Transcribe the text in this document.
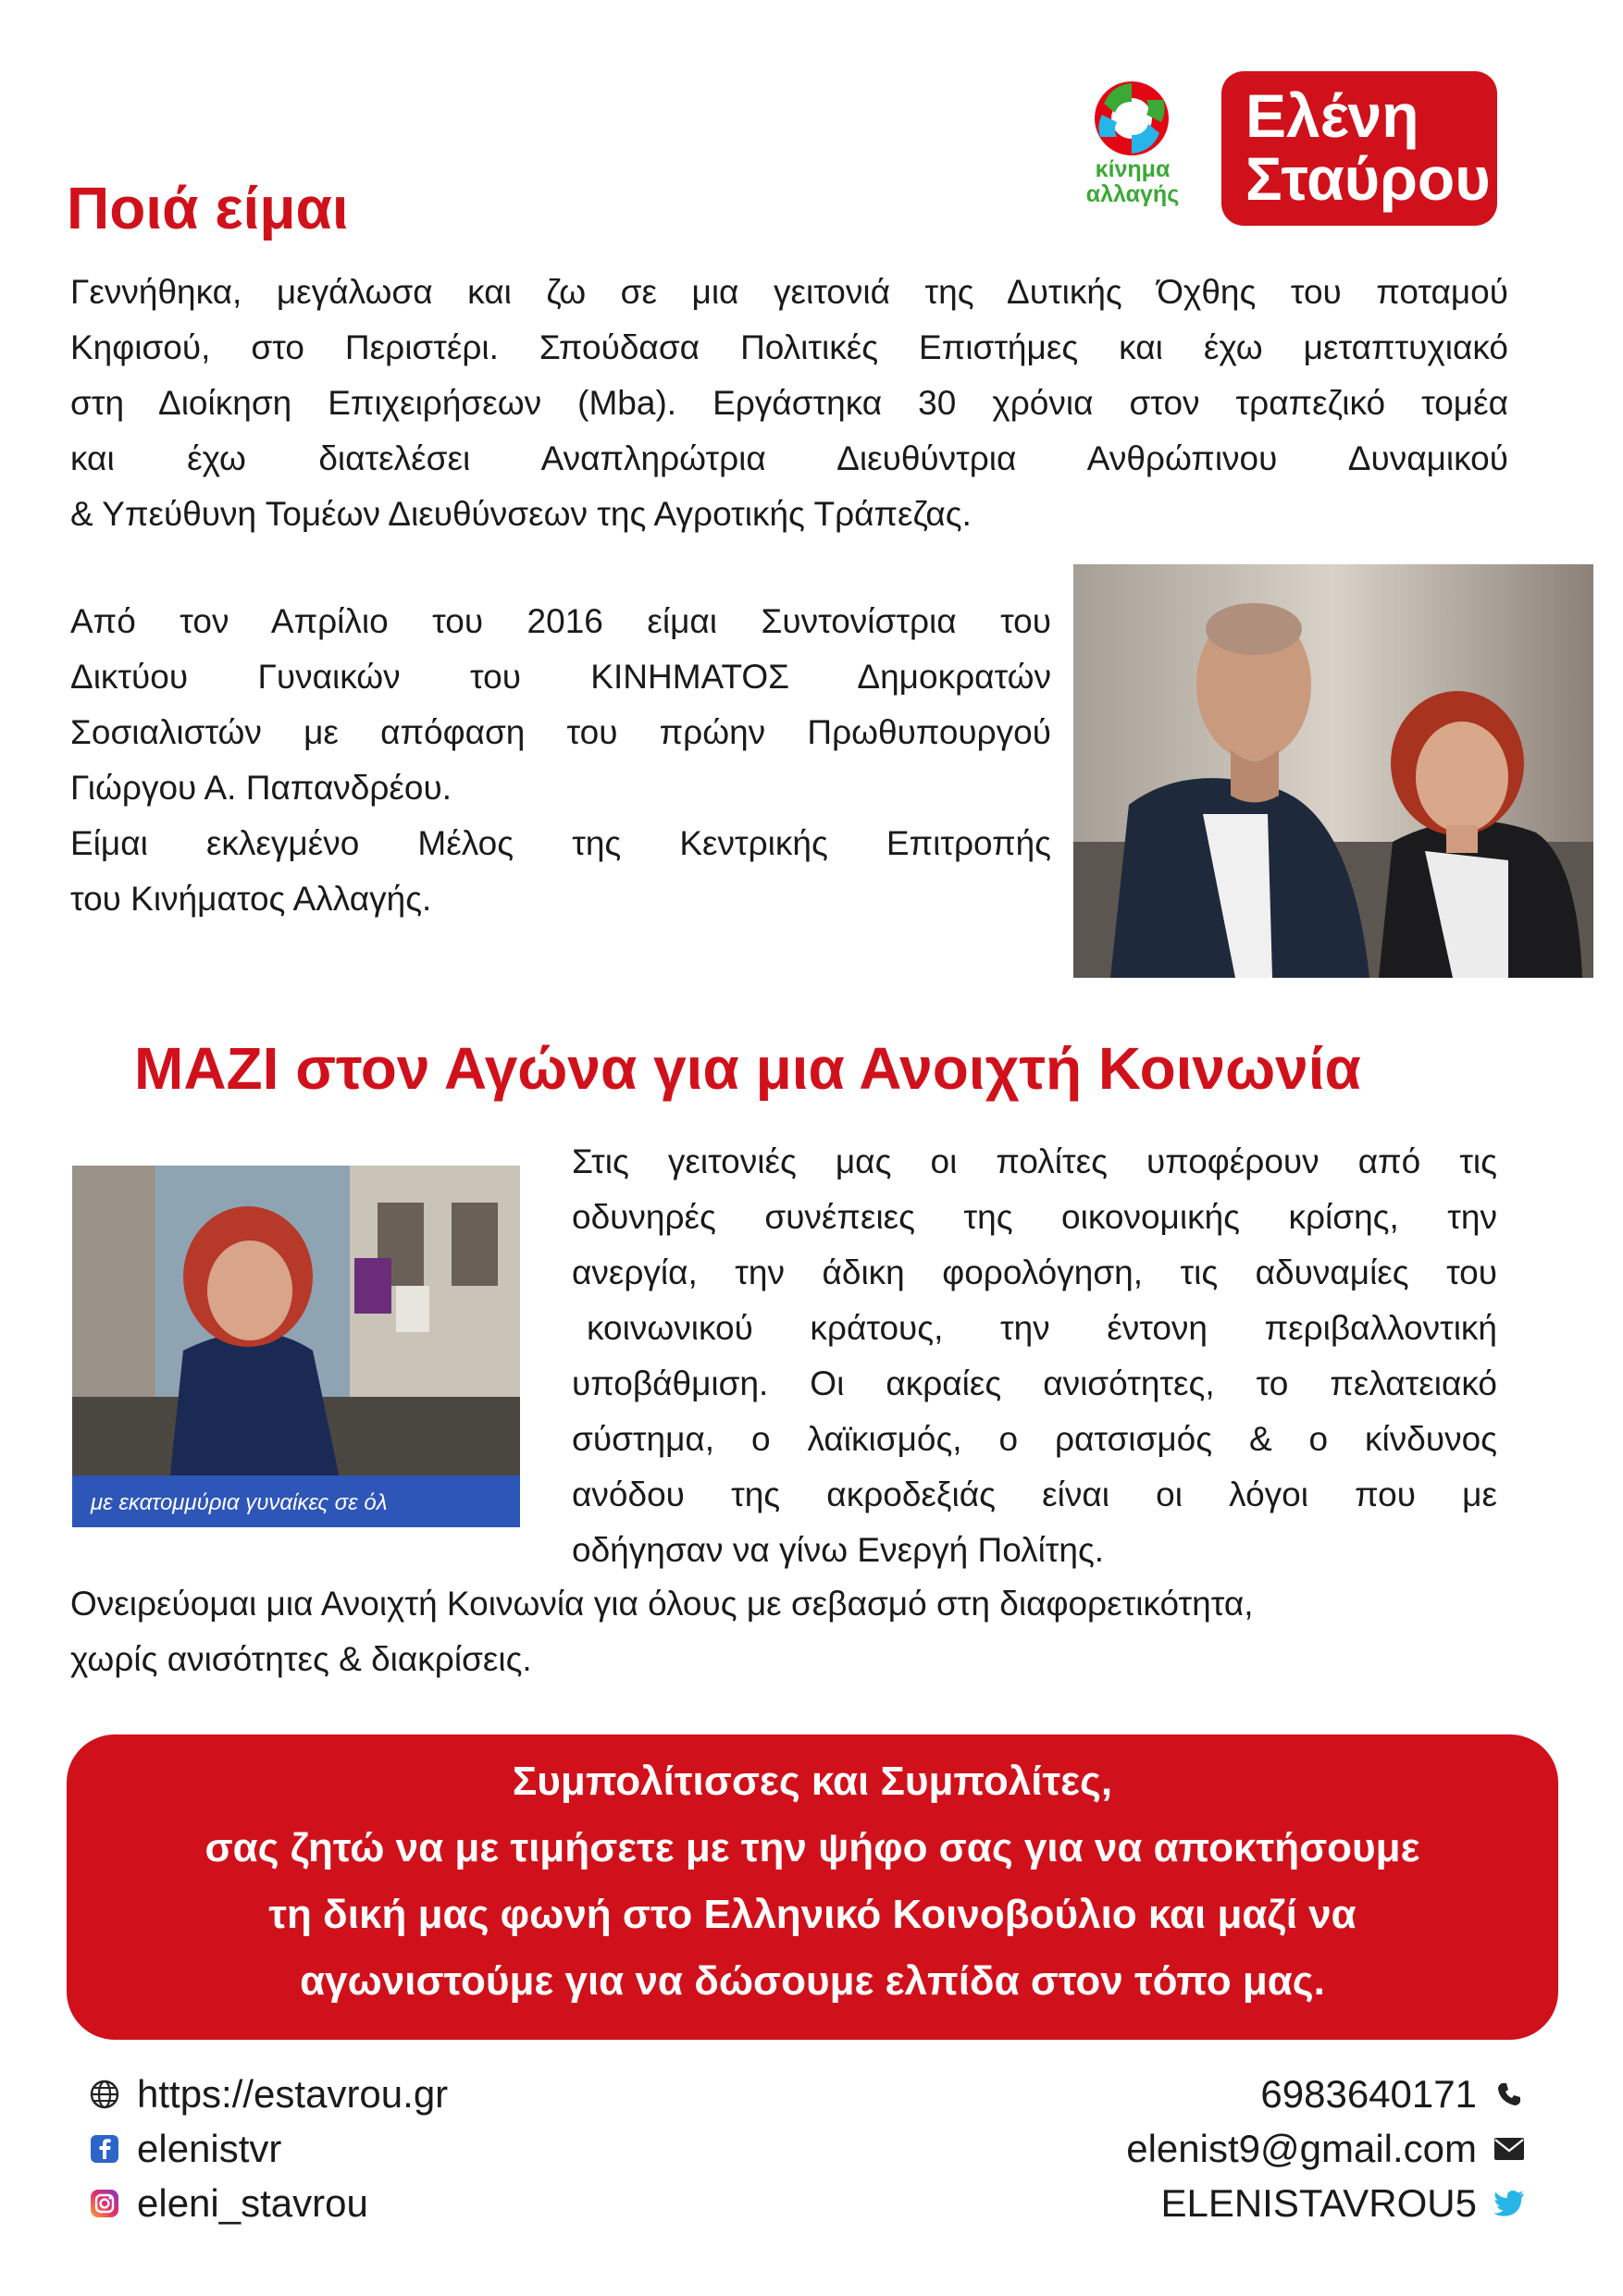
κίνημα
αλλαγής
Ελένη
Σταύρου
Ποιά είμαι
Γεννήθηκα, μεγάλωσα και ζω σε μια γειτονιά της Δυτικής Όχθης του ποταμού
Κηφισού, στο Περιστέρι. Σπούδασα Πολιτικές Επιστήμες και έχω μεταπτυχιακό
στη Διοίκηση Επιχειρήσεων (Mba). Εργάστηκα 30 χρόνια στον τραπεζικό τομέα
και έχω διατελέσει Αναπληρώτρια Διευθύντρια Ανθρώπινου Δυναμικού
& Υπεύθυνη Τομέων Διευθύνσεων της Αγροτικής Τράπεζας.
Από τον Απρίλιο του 2016 είμαι Συντονίστρια του
Δικτύου Γυναικών του ΚΙΝΗΜΑΤΟΣ Δημοκρατών
Σοσιαλιστών με απόφαση του πρώην Πρωθυπουργού
Γιώργου Α. Παπανδρέου.
Είμαι εκλεγμένο Μέλος της Κεντρικής Επιτροπής
του Κινήματος Αλλαγής.
ΜΑΖΙ στον Αγώνα για μια Ανοιχτή Κοινωνία
με εκατομμύρια γυναίκες σε όλ
Στις γειτονιές μας οι πολίτες υποφέρουν από τις
οδυνηρές συνέπειες της οικονομικής κρίσης, την
ανεργία, την άδικη φορολόγηση, τις αδυναμίες του
κοινωνικού κράτους, την έντονη περιβαλλοντική
υποβάθμιση. Οι ακραίες ανισότητες, το πελατειακό
σύστημα, ο λαϊκισμός, ο ρατσισμός & ο κίνδυνος
ανόδου της ακροδεξιάς είναι οι λόγοι που με
οδήγησαν να γίνω Ενεργή Πολίτης.
Ονειρεύομαι μια Ανοιχτή Κοινωνία για όλους με σεβασμό στη διαφορετικότητα,
χωρίς ανισότητες & διακρίσεις.
Συμπολίτισσες και Συμπολίτες,
σας ζητώ να με τιμήσετε με την ψήφο σας για να αποκτήσουμε
τη δική μας φωνή στο Ελληνικό Κοινοβούλιο και μαζί να
αγωνιστούμε για να δώσουμε ελπίδα στον τόπο μας.
https://estavrou.gr
elenistvr
eleni_stavrou
6983640171
elenist9@gmail.com
ELENISTAVROU5
